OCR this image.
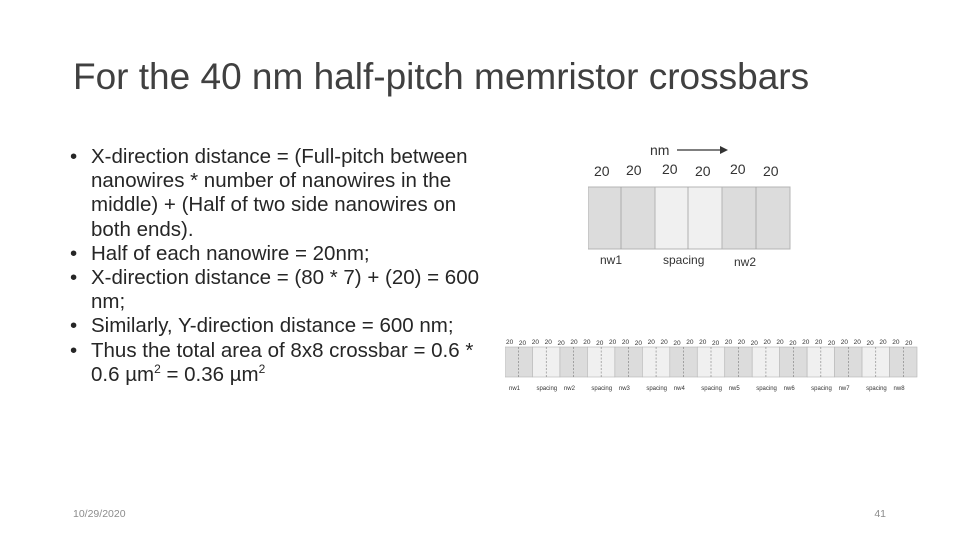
For the 40 nm half-pitch memristor crossbars
• X-direction distance = (Full-pitch between nanowires * number of nanowires in the middle) + (Half of two side nanowires on both ends).
• Half of each nanowire = 20nm;
• X-direction distance = (80 * 7) + (20) = 600 nm;
• Similarly, Y-direction distance = 600 nm;
• Thus the total area of 8x8 crossbar = 0.6 * 0.6 µm$^2$ = 0.36 µm$^2$
nm
20 20 20 20 20 20
nw1	spacing nw2
nw1	spacing nw2	spacing nw3	spacing nw4	spacing nw5	spacing nw6	spacing nw7	spacing nw8
20 20 20 20 20 20 20 20 20 20 20 20 20 20 20 20 20 20 20 20 20 20 20 20 20 20 20 20 20 20 20 20
10/29/2020	41
